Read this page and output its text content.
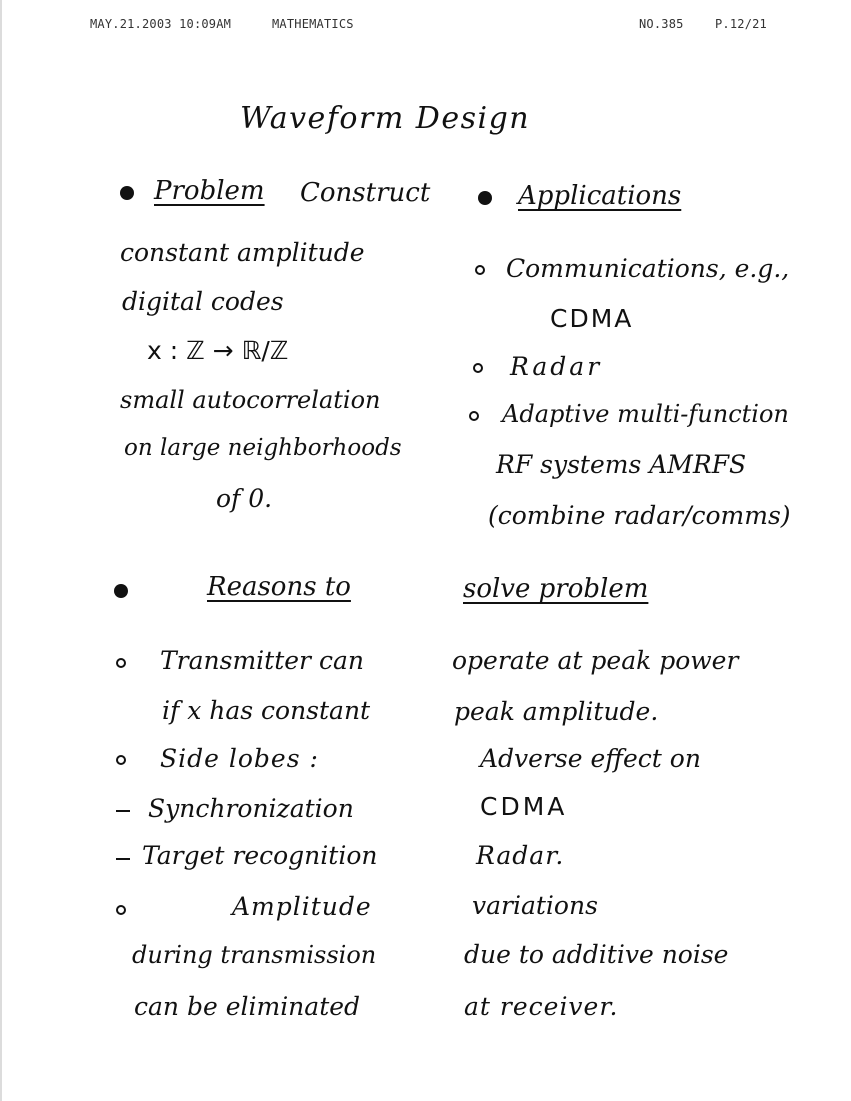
MAY.21.2003 10:09AM	MATHEMATICS	NO.385	P.12/21
Waveform Design
Problem Construct
constant amplitude
digital codes
x : ℤ → ℝ/ℤ
small autocorrelation
on large neighborhoods
of 0.
Applications
Communications, e.g.,
CDMA
Radar
Adaptive multi-function
RF systems AMRFS
(combine radar/comms)
Reasons to	solve problem
Transmitter can
if x has constant
Side lobes :
Synchronization
Target recognition
Amplitude
during transmission
can be eliminated
operate at peak power
peak amplitude.
Adverse effect on
CDMA
Radar.
variations
due to additive noise
at receiver.
